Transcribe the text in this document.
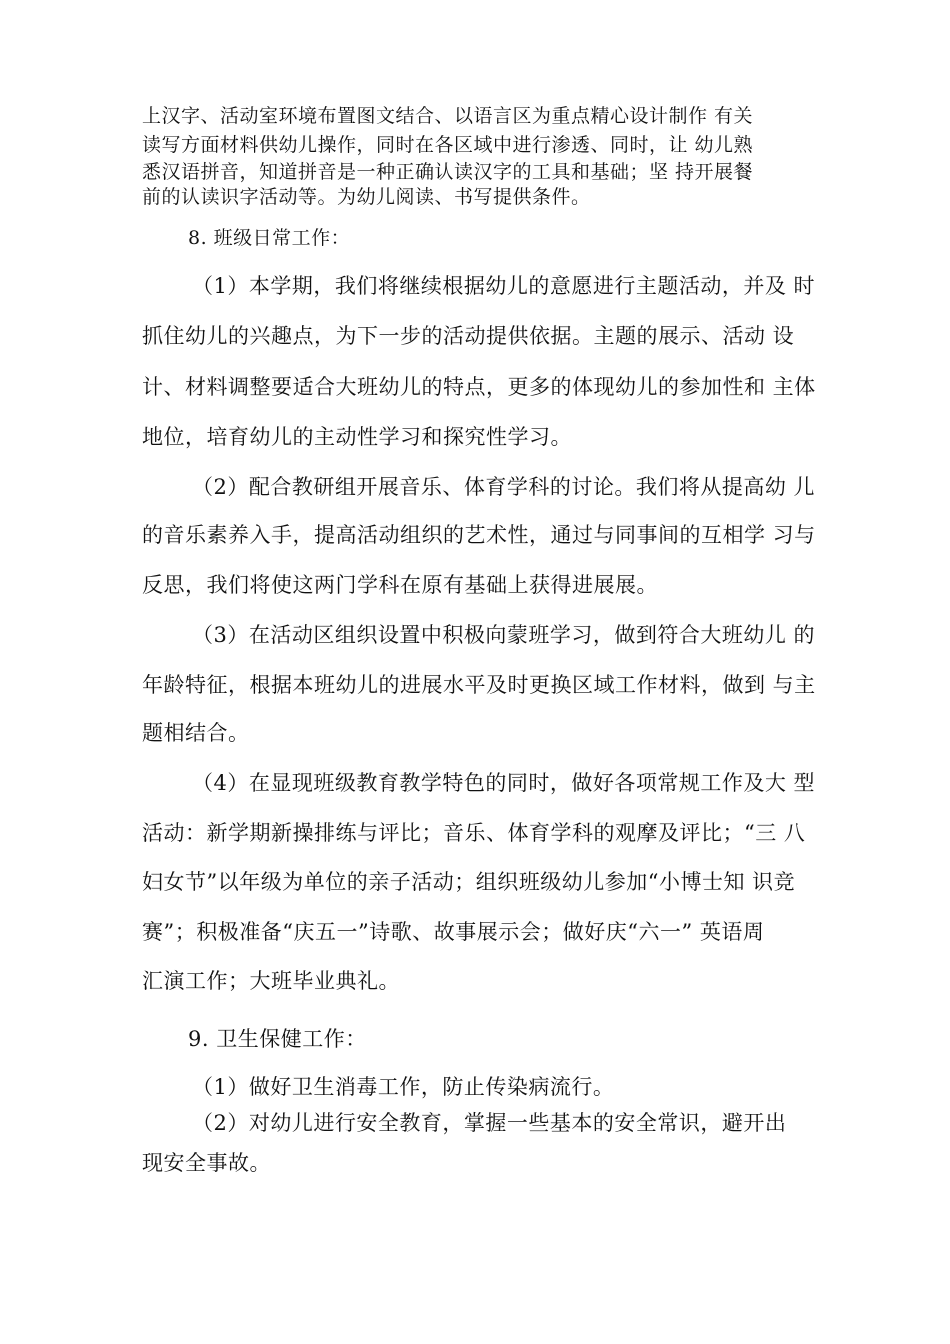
上汉字、活动室环境布置图文结合、以语言区为重点精心设计制作 有关
读写方面材料供幼儿操作，同时在各区域中进行渗透、同时，让 幼儿熟
悉汉语拼音，知道拼音是一种正确认读汉字的工具和基础；坚 持开展餐
前的认读识字活动等。为幼儿阅读、书写提供条件。
8. 班级日常工作：
（1）本学期，我们将继续根据幼儿的意愿进行主题活动，并及 时
抓住幼儿的兴趣点，为下一步的活动提供依据。主题的展示、活动 设
计、材料调整要适合大班幼儿的特点，更多的体现幼儿的参加性和 主体
地位，培育幼儿的主动性学习和探究性学习。
（2）配合教研组开展音乐、体育学科的讨论。我们将从提高幼 儿
的音乐素养入手，提高活动组织的艺术性，通过与同事间的互相学 习与
反思，我们将使这两门学科在原有基础上获得进展展。
（3）在活动区组织设置中积极向蒙班学习，做到符合大班幼儿 的
年龄特征，根据本班幼儿的进展水平及时更换区域工作材料，做到 与主
题相结合。
（4）在显现班级教育教学特色的同时，做好各项常规工作及大 型
活动：新学期新操排练与评比；音乐、体育学科的观摩及评比；“三 八
妇女节”以年级为单位的亲子活动；组织班级幼儿参加“小博士知 识竞
赛”；积极准备“庆五一”诗歌、故事展示会；做好庆“六一” 英语周
汇演工作；大班毕业典礼。
9. 卫生保健工作：
（1）做好卫生消毒工作，防止传染病流行。
（2）对幼儿进行安全教育，掌握一些基本的安全常识，避开出
现安全事故。
